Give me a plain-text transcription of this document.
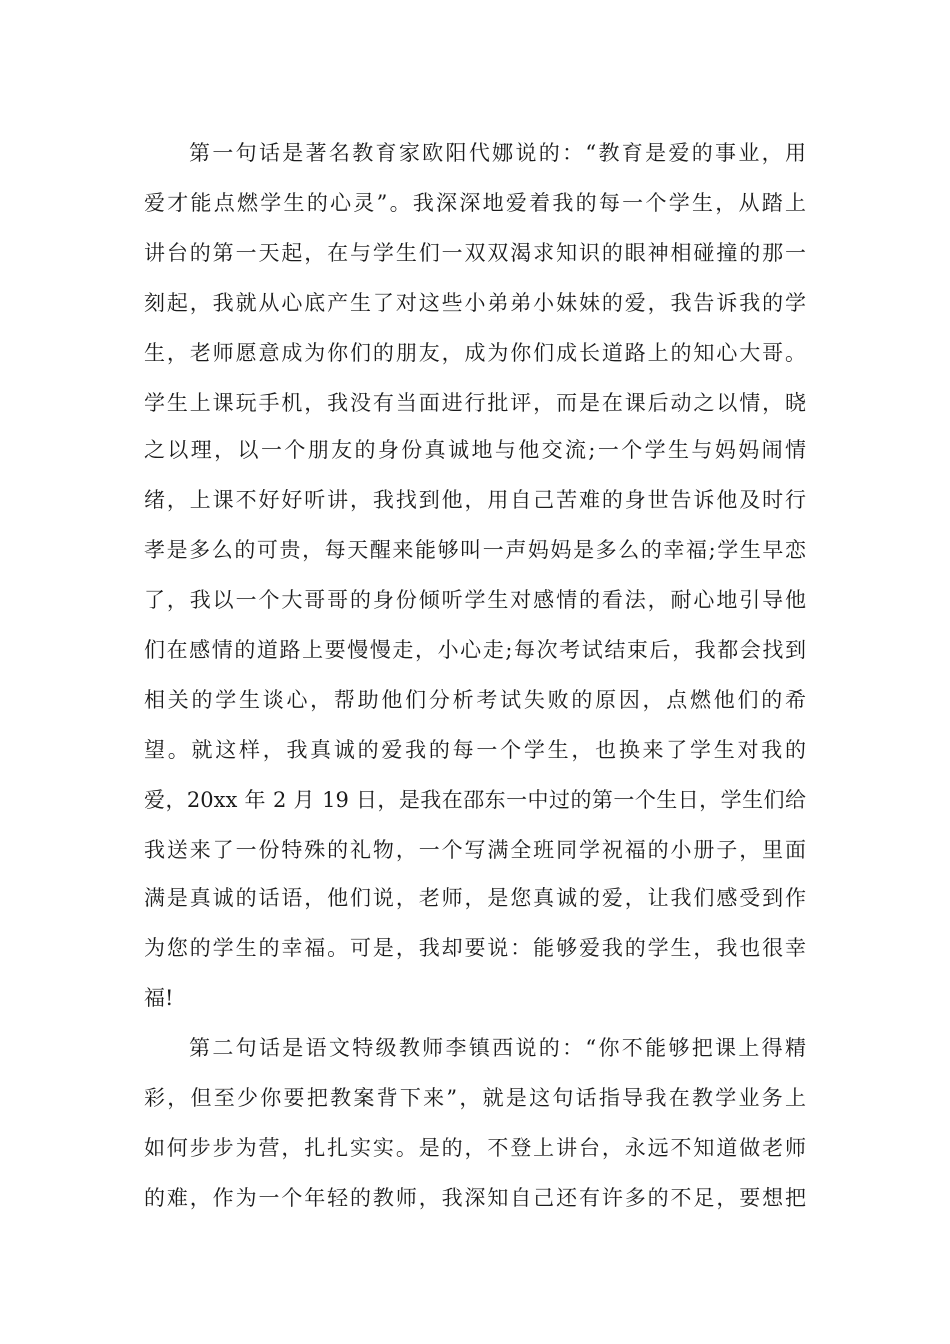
第一句话是著名教育家欧阳代娜说的：“教育是爱的事业，用
爱才能点燃学生的心灵”。我深深地爱着我的每一个学生，从踏上
讲台的第一天起，在与学生们一双双渴求知识的眼神相碰撞的那一
刻起，我就从心底产生了对这些小弟弟小妹妹的爱，我告诉我的学
生，老师愿意成为你们的朋友，成为你们成长道路上的知心大哥。
学生上课玩手机，我没有当面进行批评，而是在课后动之以情，晓
之以理，以一个朋友的身份真诚地与他交流;一个学生与妈妈闹情
绪，上课不好好听讲，我找到他，用自己苦难的身世告诉他及时行
孝是多么的可贵，每天醒来能够叫一声妈妈是多么的幸福;学生早恋
了，我以一个大哥哥的身份倾听学生对感情的看法，耐心地引导他
们在感情的道路上要慢慢走，小心走;每次考试结束后，我都会找到
相关的学生谈心，帮助他们分析考试失败的原因，点燃他们的希
望。就这样，我真诚的爱我的每一个学生，也换来了学生对我的
爱，20xx 年 2 月 19 日，是我在邵东一中过的第一个生日，学生们给
我送来了一份特殊的礼物，一个写满全班同学祝福的小册子，里面
满是真诚的话语，他们说，老师，是您真诚的爱，让我们感受到作
为您的学生的幸福。可是，我却要说：能够爱我的学生，我也很幸
福!
第二句话是语文特级教师李镇西说的：“你不能够把课上得精
彩，但至少你要把教案背下来”，就是这句话指导我在教学业务上
如何步步为营，扎扎实实。是的，不登上讲台，永远不知道做老师
的难，作为一个年轻的教师，我深知自己还有许多的不足，要想把
